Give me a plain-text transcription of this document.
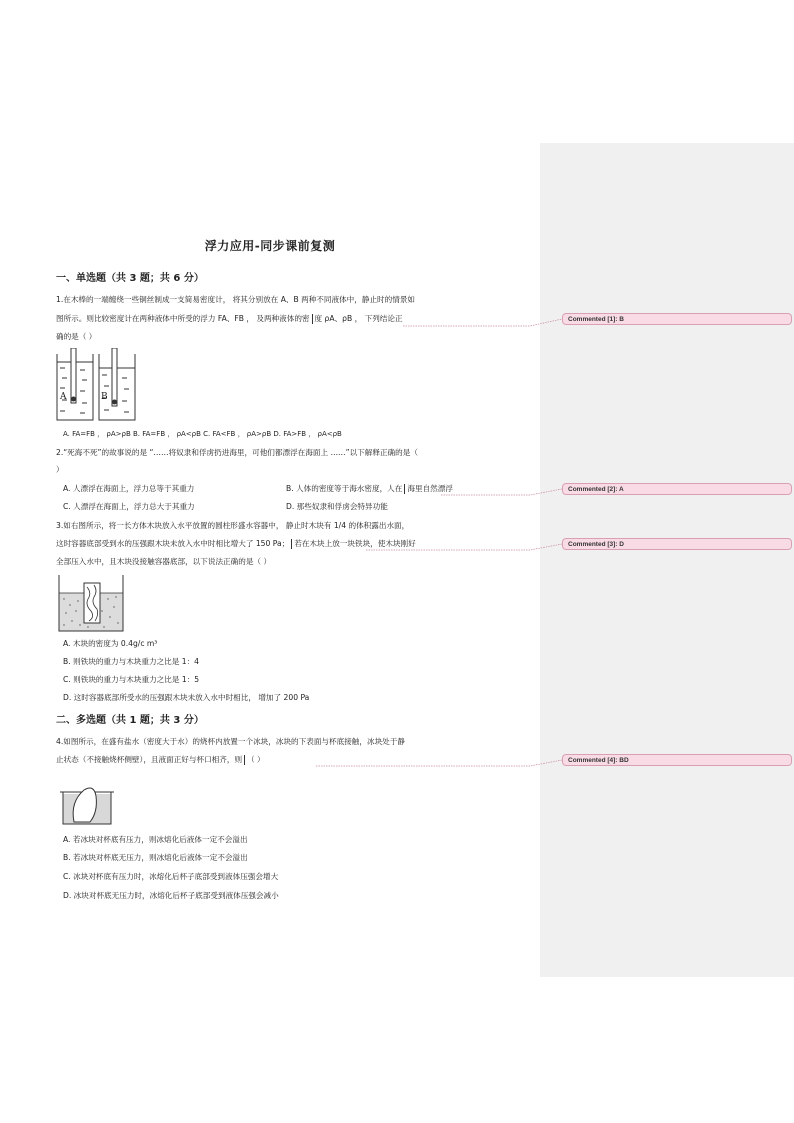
浮力应用-同步课前复测
一、单选题（共 3 题；共 6 分）
1.在木棒的一端缠绕一些铜丝制成一支简易密度计， 将其分别放在 A、B 两种不同液体中，静止时的情景如
图所示。则比较密度计在两种液体中所受的浮力 FA、FB ， 及两种液体的密 度 ρA、ρB ， 下列结论正
确的是（ ）
A	B
A. FA=FB ， ρA>ρB B. FA=FB ， ρA<ρB C. FA<FB ， ρA>ρB D. FA>FB ， ρA<ρB
2.“死海不死”的故事说的是 “……将奴隶和俘虏扔进海里，可他们都漂浮在海面上 ……”以下解释正确的是（
）
A. 人漂浮在海面上，浮力总等于其重力	B. 人体的密度等于海水密度，人在 海里自然漂浮
C. 人漂浮在海面上，浮力总大于其重力	D. 那些奴隶和俘虏会特异功能
3.如右图所示，将一长方体木块放入水平放置的圆柱形盛水容器中， 静止时木块有 1/4 的体积露出水面，
这时容器底部受到水的压强跟木块未放入水中时相比增大了 150 Pa； 若在木块上放一块铁块，使木块刚好
全部压入水中，且木块没接触容器底部，以下说法正确的是（ ）
A. 木块的密度为 0.4g/c m³
B. 则铁块的重力与木块重力之比是 1：4
C. 则铁块的重力与木块重力之比是 1：5
D. 这时容器底部所受水的压强跟木块未放入水中时相比， 增加了 200 Pa
二、多选题（共 1 题；共 3 分）
4.如图所示，在盛有盐水（密度大于水）的烧杯内放置一个冰块，冰块的下表面与杯底接触，冰块处于静
止状态（不接触烧杯侧壁），且液面正好与杯口相齐，则 （ ）
A. 若冰块对杯底有压力，则冰熔化后液体一定不会溢出
B. 若冰块对杯底无压力，则冰熔化后液体一定不会溢出
C. 冰块对杯底有压力时，冰熔化后杯子底部受到液体压强会增大
D. 冰块对杯底无压力时，冰熔化后杯子底部受到液体压强会减小
Commented [1]: B
Commented [2]: A
Commented [3]: D
Commented [4]: BD
